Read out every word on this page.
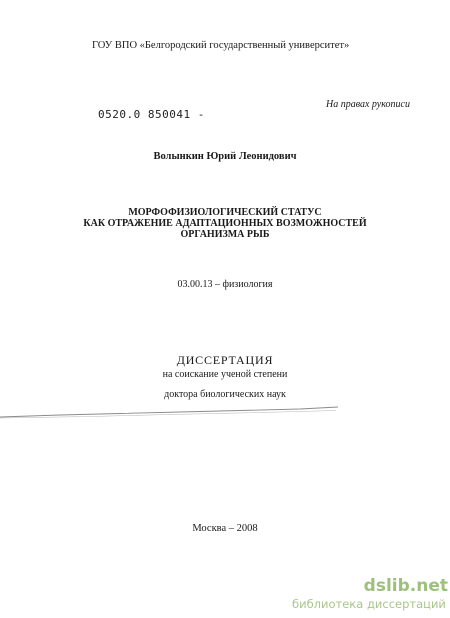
ГОУ ВПО «Белгородский государственный университет»
0520.0 850041 -
На правах рукописи
Волынкин Юрий Леонидович
МОРФОФИЗИОЛОГИЧЕСКИЙ СТАТУС
КАК ОТРАЖЕНИЕ АДАПТАЦИОННЫХ ВОЗМОЖНОСТЕЙ
ОРГАНИЗМА РЫБ
03.00.13 – физиология
ДИССЕРТАЦИЯ
на соискание ученой степени
доктора биологических наук
Москва – 2008
dslib.net
библиотека диссертаций
